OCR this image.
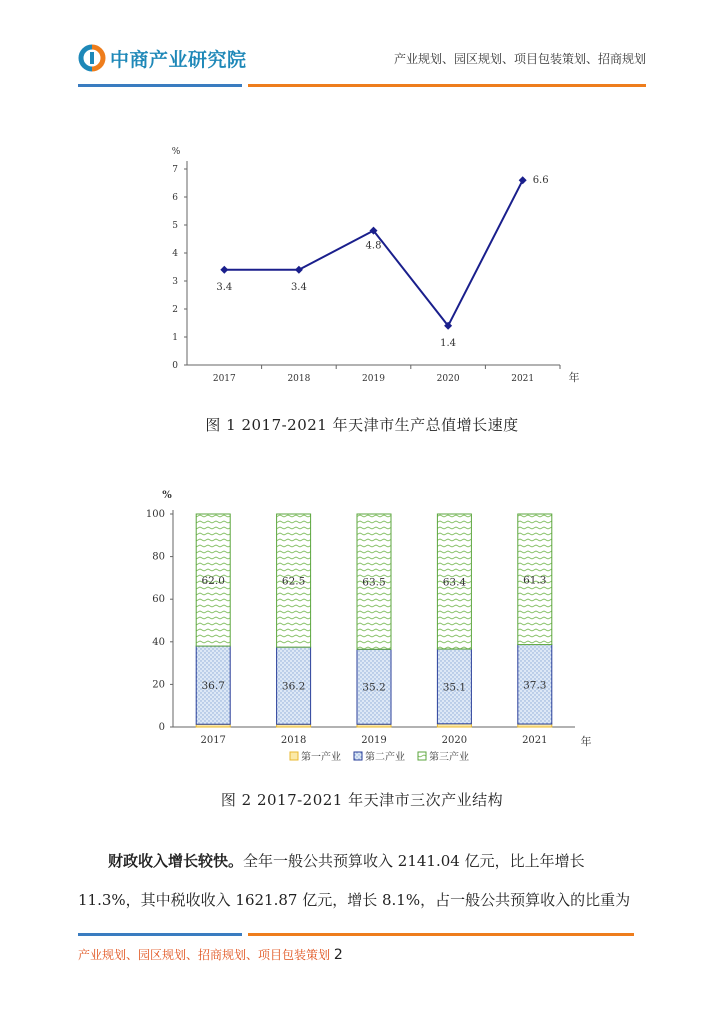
中商产业研究院	产业规划、园区规划、项目包装策划、招商规划
0
1
2
3
4
5
6
7
%
2017	2018	2019	2020	2021	年
3.4	3.4
4.8
1.4
6.6
图 1 2017-2021 年天津市生产总值增长速度
0
20
40
60
80
100
%
年
36.7
62.0
2017
36.2
62.5
2018
35.2
63.5
2019
35.1
63.4
2020
37.3
61.3
2021
第一产业 第二产业 第三产业
图 2 2017-2021 年天津市三次产业结构
财政收入增长较快。全年一般公共预算收入 2141.04 亿元，比上年增长
11.3%，其中税收收入 1621.87 亿元，增长 8.1%，占一般公共预算收入的比重为
产业规划、园区规划、招商规划、项目包装策划 2
